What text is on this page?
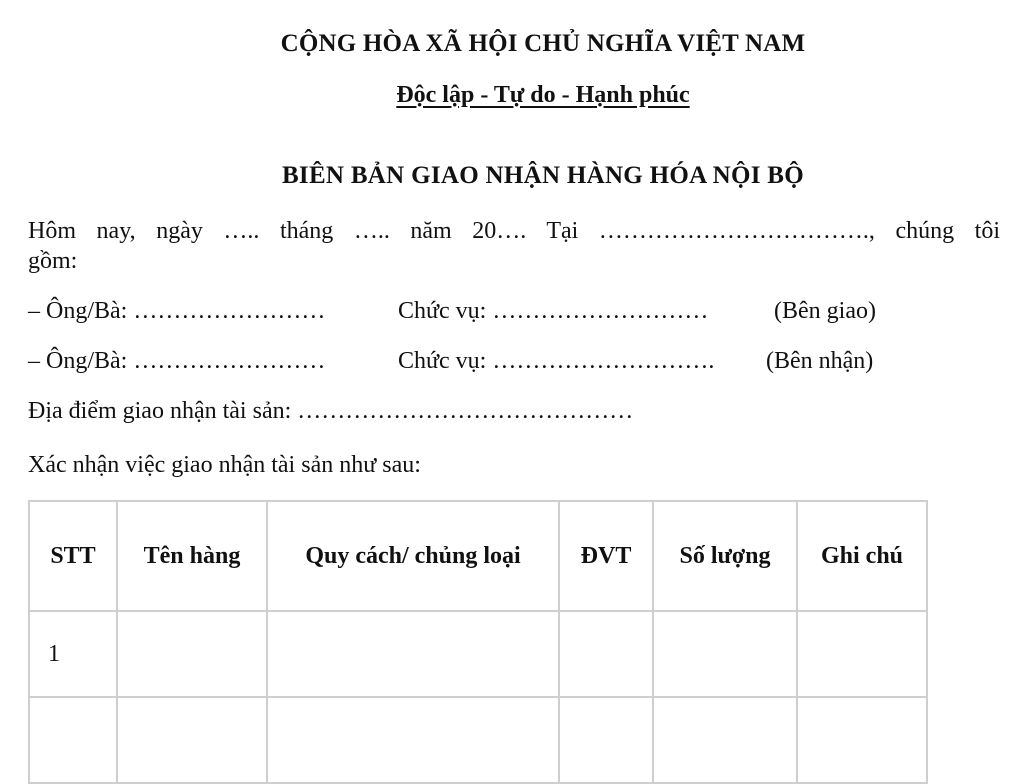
CỘNG HÒA XÃ HỘI CHỦ NGHĨA VIỆT NAM
Độc lập - Tự do - Hạnh phúc
BIÊN BẢN GIAO NHẬN HÀNG HÓA NỘI BỘ
Hôm nay, ngày ….. tháng ….. năm 20…. Tại ……………………………., chúng tôi
gồm:
– Ông/Bà: ……………………	Chức vụ: ………………………	(Bên giao)
– Ông/Bà: ……………………	Chức vụ: ………………………. (Bên nhận)
Địa điểm giao nhận tài sản: ……………………………………
Xác nhận việc giao nhận tài sản như sau:
STT	Tên hàng	Quy cách/ chủng loại	ĐVT	Số lượng	Ghi chú
1					
